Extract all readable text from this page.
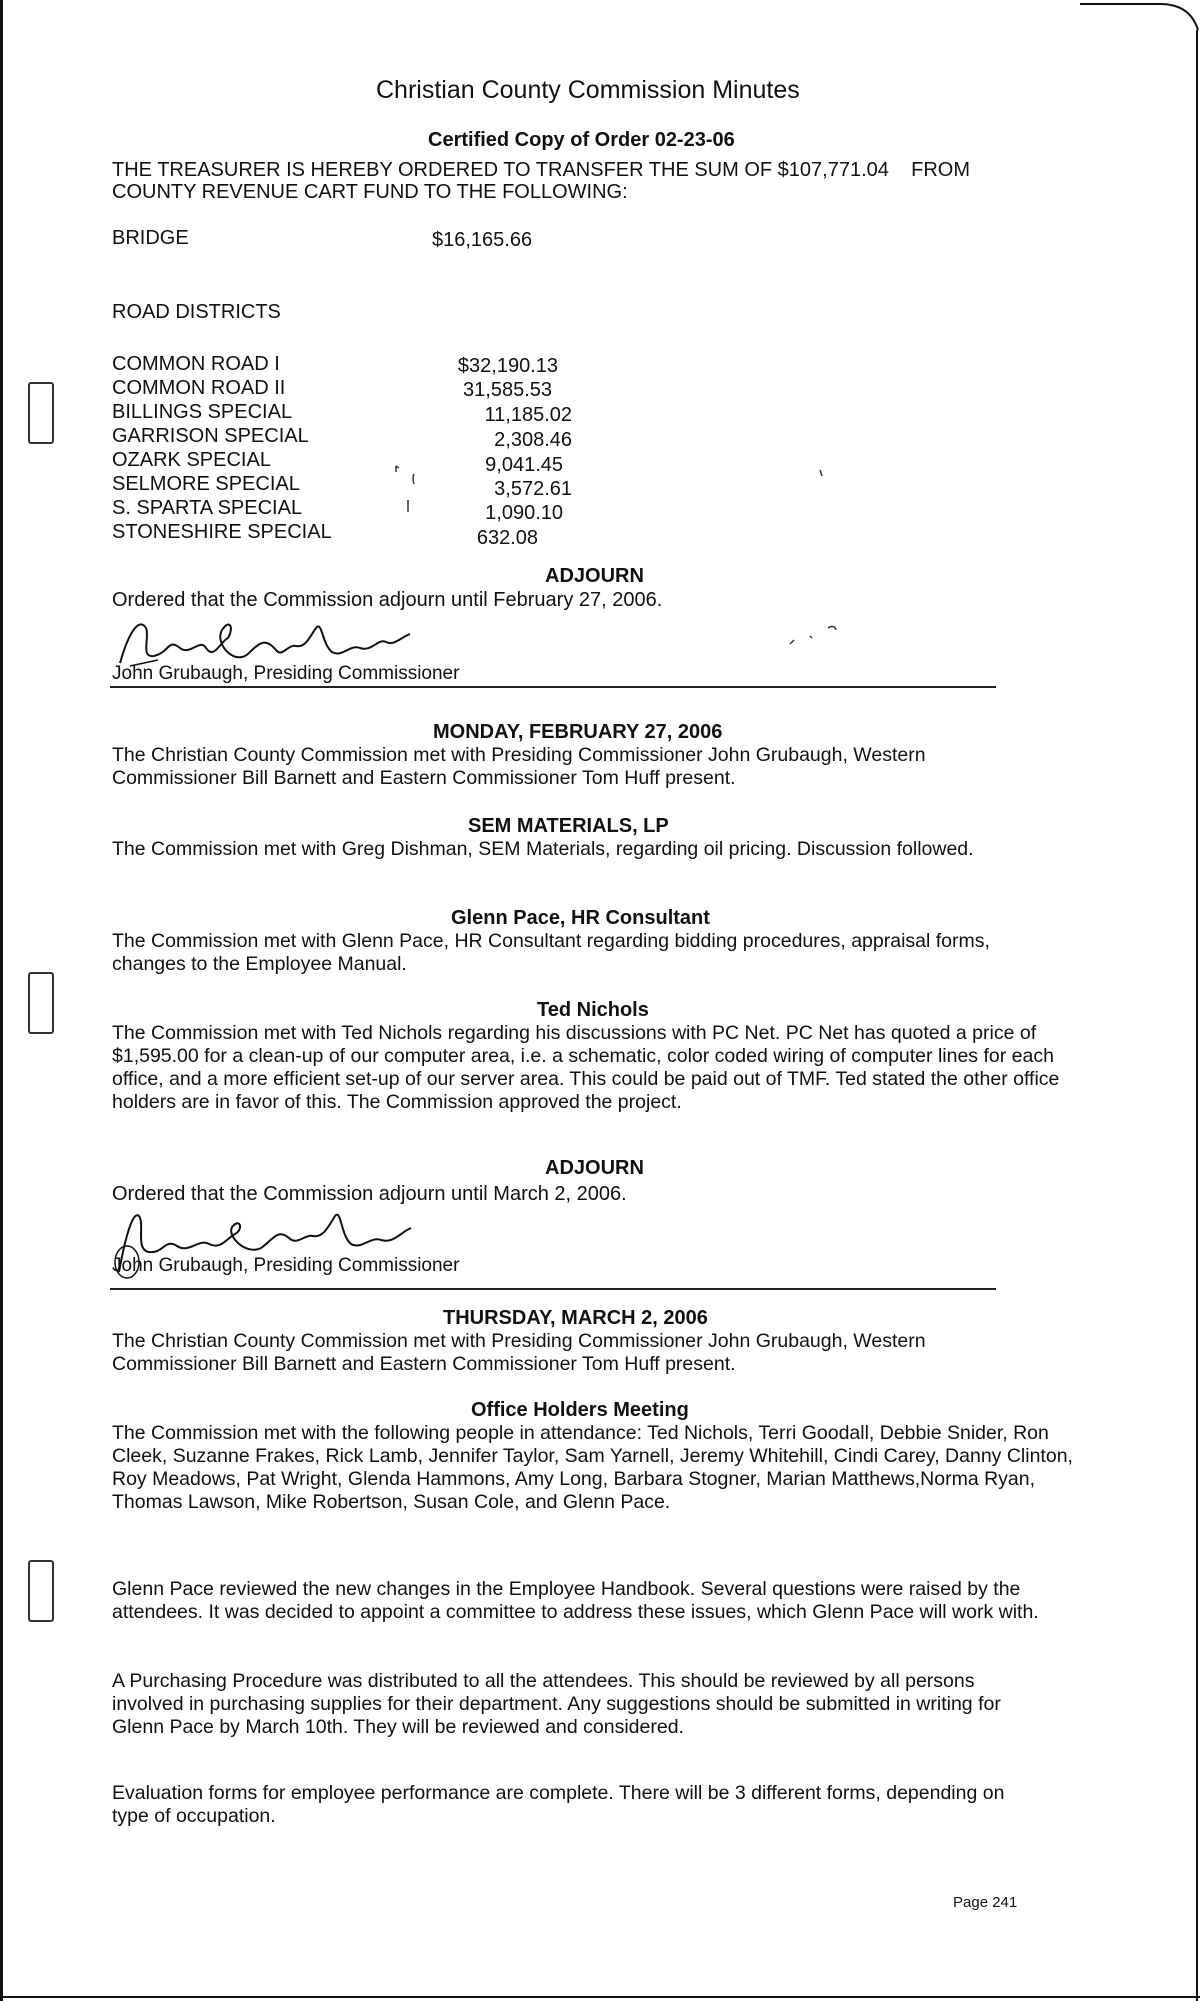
Christian County Commission Minutes
Certified Copy of Order 02-23-06
THE TREASURER IS HEREBY ORDERED TO TRANSFER THE SUM OF $107,771.04    FROM
COUNTY REVENUE CART FUND TO THE FOLLOWING:
BRIDGE	$16,165.66
ROAD DISTRICTS
COMMON ROAD I	$32,190.13
COMMON ROAD II	31,585.53
BILLINGS SPECIAL	11,185.02
GARRISON SPECIAL	2,308.46
OZARK SPECIAL	9,041.45
SELMORE SPECIAL	3,572.61
S. SPARTA SPECIAL	1,090.10
STONESHIRE SPECIAL	632.08
ADJOURN
Ordered that the Commission adjourn until February 27, 2006.
John Grubaugh, Presiding Commissioner
MONDAY, FEBRUARY 27, 2006
The Christian County Commission met with Presiding Commissioner John Grubaugh, Western Commissioner Bill Barnett and Eastern Commissioner Tom Huff present.
SEM MATERIALS, LP
The Commission met with Greg Dishman, SEM Materials, regarding oil pricing. Discussion followed.
Glenn Pace, HR Consultant
The Commission met with Glenn Pace, HR Consultant regarding bidding procedures, appraisal forms, changes to the Employee Manual.
Ted Nichols
The Commission met with Ted Nichols regarding his discussions with PC Net. PC Net has quoted a price of $1,595.00 for a clean-up of our computer area, i.e. a schematic, color coded wiring of computer lines for each office, and a more efficient set-up of our server area. This could be paid out of TMF. Ted stated the other office holders are in favor of this. The Commission approved the project.
ADJOURN
Ordered that the Commission adjourn until March 2, 2006.
John Grubaugh, Presiding Commissioner
THURSDAY, MARCH 2, 2006
The Christian County Commission met with Presiding Commissioner John Grubaugh, Western Commissioner Bill Barnett and Eastern Commissioner Tom Huff present.
Office Holders Meeting
The Commission met with the following people in attendance: Ted Nichols, Terri Goodall, Debbie Snider, Ron Cleek, Suzanne Frakes, Rick Lamb, Jennifer Taylor, Sam Yarnell, Jeremy Whitehill, Cindi Carey, Danny Clinton, Roy Meadows, Pat Wright, Glenda Hammons, Amy Long, Barbara Stogner, Marian Matthews,Norma Ryan, Thomas Lawson, Mike Robertson, Susan Cole, and Glenn Pace.
Glenn Pace reviewed the new changes in the Employee Handbook. Several questions were raised by the attendees. It was decided to appoint a committee to address these issues, which Glenn Pace will work with.
A Purchasing Procedure was distributed to all the attendees. This should be reviewed by all persons involved in purchasing supplies for their department. Any suggestions should be submitted in writing for Glenn Pace by March 10th. They will be reviewed and considered.
Evaluation forms for employee performance are complete. There will be 3 different forms, depending on type of occupation.
Page 241
